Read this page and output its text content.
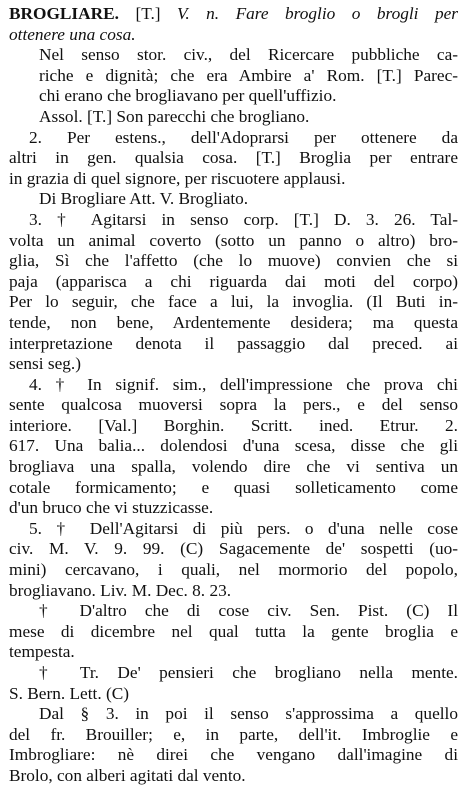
BROGLIARE. [T.] V. n. Fare broglio o brogli per
ottenere una cosa.
Nel senso stor. civ., del Ricercare pubbliche ca-
riche e dignità; che era Ambire a' Rom. [T.] Parec-
chi erano che brogliavano per quell'uffizio.
Assol. [T.] Son parecchi che brogliano.
2. Per estens., dell'Adoprarsi per ottenere da
altri in gen. qualsia cosa. [T.] Broglia per entrare
in grazia di quel signore, per riscuotere applausi.
Di Brogliare Att. V. Brogliato.
3. † Agitarsi in senso corp. [T.] D. 3. 26. Tal-
volta un animal coverto (sotto un panno o altro) bro-
glia, Sì che l'affetto (che lo muove) convien che si
paja (apparisca a chi riguarda dai moti del corpo)
Per lo seguir, che face a lui, la invoglia. (Il Buti in-
tende, non bene, Ardentemente desidera; ma questa
interpretazione denota il passaggio dal preced. ai
sensi seg.)
4. † In signif. sim., dell'impressione che prova chi
sente qualcosa muoversi sopra la pers., e del senso
interiore. [Val.] Borghin. Scritt. ined. Etrur. 2.
617. Una balia... dolendosi d'una scesa, disse che gli
brogliava una spalla, volendo dire che vi sentiva un
cotale formicamento; e quasi solleticamento come
d'un bruco che vi stuzzicasse.
5. † Dell'Agitarsi di più pers. o d'una nelle cose
civ. M. V. 9. 99. (C) Sagacemente de' sospetti (uo-
mini) cercavano, i quali, nel mormorio del popolo,
brogliavano. Liv. M. Dec. 8. 23.
† D'altro che di cose civ. Sen. Pist. (C) Il
mese di dicembre nel qual tutta la gente broglia e
tempesta.
† Tr. De' pensieri che brogliano nella mente.
S. Bern. Lett. (C)
Dal § 3. in poi il senso s'approssima a quello
del fr. Brouiller; e, in parte, dell'it. Imbroglie e
Imbrogliare: nè direi che vengano dall'imagine di
Brolo, con alberi agitati dal vento.
